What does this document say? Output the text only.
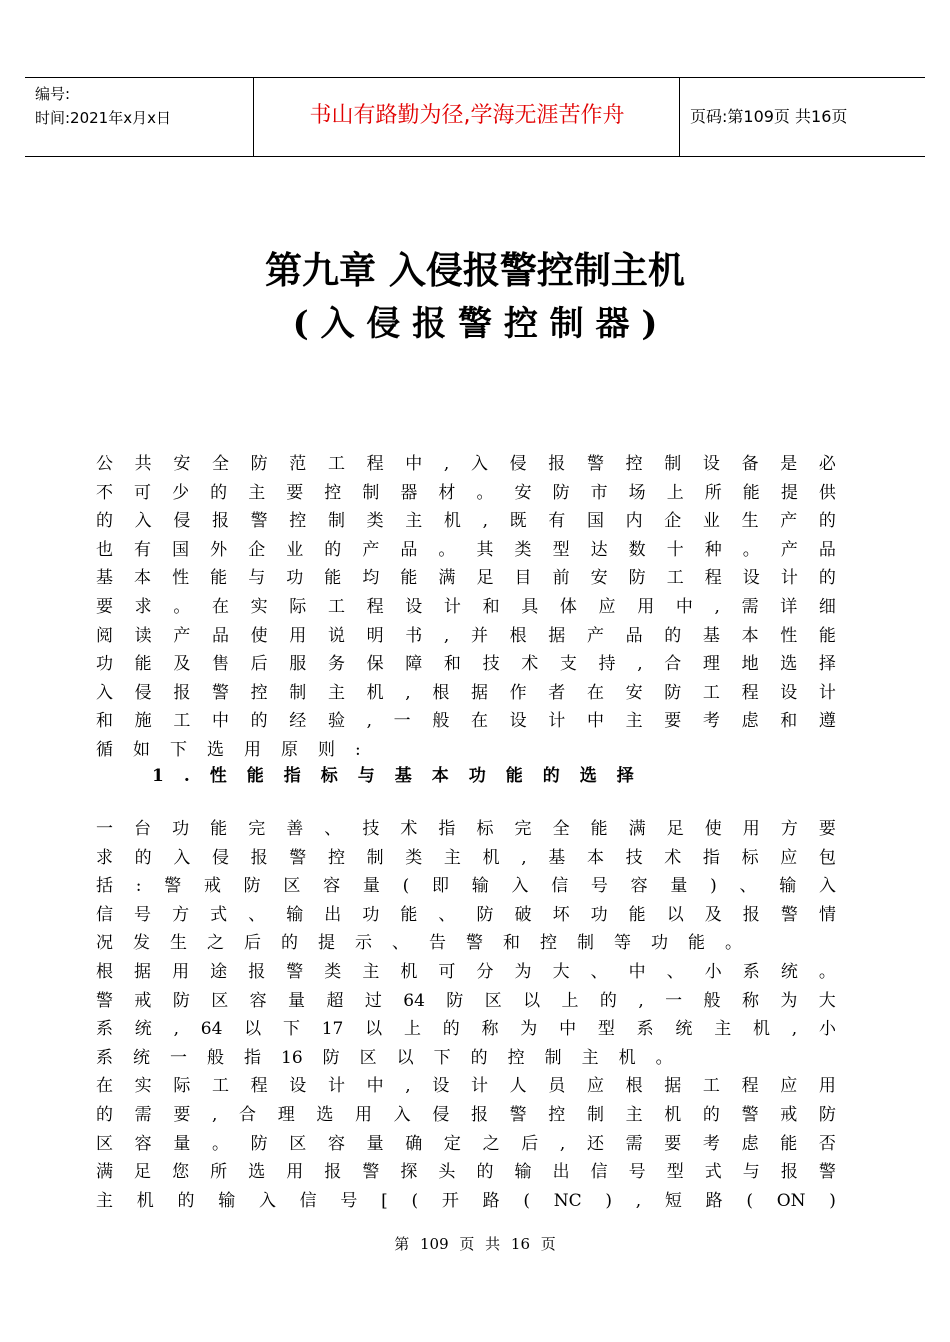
编号:
时间:2021年x月x日	书山有路勤为径,学海无涯苦作舟	页码:第109页 共16页
第九章 入侵报警控制主机
( 入 侵 报 警 控 制 器 )
公 共 安 全 防 范 工 程 中 , 入 侵 报 警 控 制 设 备 是 必
不 可 少 的 主 要 控 制 器 材 。 安 防 市 场 上 所 能 提 供
的 入 侵 报 警 控 制 类 主 机 , 既 有 国 内 企 业 生 产 的
也 有 国 外 企 业 的 产 品 。 其 类 型 达 数 十 种 。 产 品
基 本 性 能 与 功 能 均 能 满 足 目 前 安 防 工 程 设 计 的
要 求 。 在 实 际 工 程 设 计 和 具 体 应 用 中 , 需 详 细
阅 读 产 品 使 用 说 明 书 , 并 根 据 产 品 的 基 本 性 能
功 能 及 售 后 服 务 保 障 和 技 术 支 持 , 合 理 地 选 择
入 侵 报 警 控 制 主 机 , 根 据 作 者 在 安 防 工 程 设 计
和 施 工 中 的 经 验 , 一 般 在 设 计 中 主 要 考 虑 和 遵
循 如 下 选 用 原 则 :
1 . 性 能 指 标 与 基 本 功 能 的 选 择
一 台 功 能 完 善 、 技 术 指 标 完 全 能 满 足 使 用 方 要
求 的 入 侵 报 警 控 制 类 主 机 , 基 本 技 术 指 标 应 包
括 : 警 戒 防 区 容 量 ( 即 输 入 信 号 容 量 ) 、 输 入
信 号 方 式 、 输 出 功 能 、 防 破 坏 功 能 以 及 报 警 情
况 发 生 之 后 的 提 示 、 告 警 和 控 制 等 功 能 。
根 据 用 途 报 警 类 主 机 可 分 为 大 、 中 、 小 系 统 。
警 戒 防 区 容 量 超 过 64 防 区 以 上 的 , 一 般 称 为 大
系 统 , 64 以 下 17 以 上 的 称 为 中 型 系 统 主 机 , 小
系 统 一 般 指 16 防 区 以 下 的 控 制 主 机 。
在 实 际 工 程 设 计 中 , 设 计 人 员 应 根 据 工 程 应 用
的 需 要 , 合 理 选 用 入 侵 报 警 控 制 主 机 的 警 戒 防
区 容 量 。 防 区 容 量 确 定 之 后 , 还 需 要 考 虑 能 否
满 足 您 所 选 用 报 警 探 头 的 输 出 信 号 型 式 与 报 警
主 机 的 输 入 信 号 [ ( 开 路 ( NC ) , 短 路 ( ON )
第 109 页 共 16 页
